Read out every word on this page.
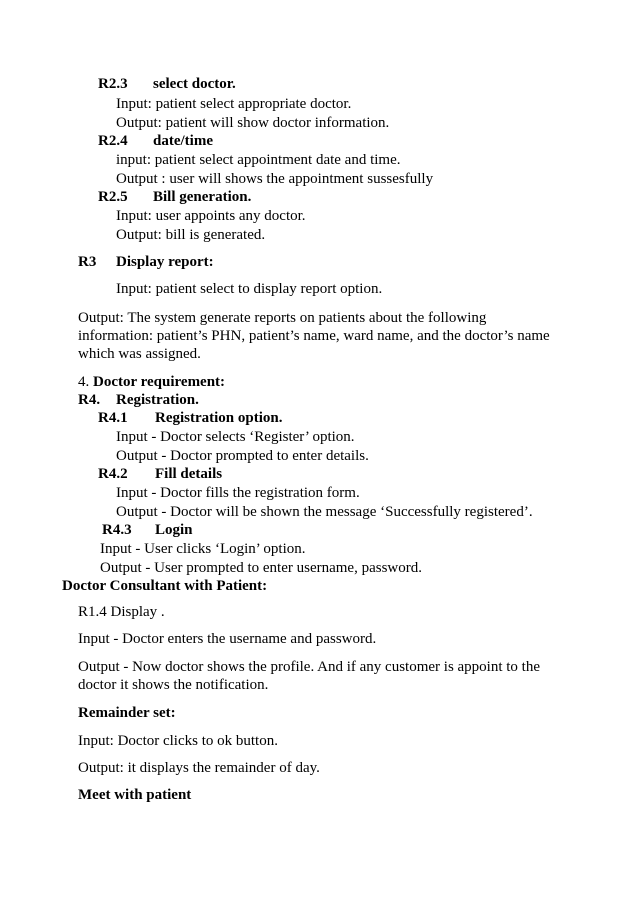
R2.3 select doctor.
Input: patient select appropriate doctor.
Output: patient will show doctor information.
R2.4 date/time
input: patient select appointment date and time.
Output : user will shows the appointment sussesfully
R2.5 Bill generation.
Input: user appoints any doctor.
Output: bill is generated.
R3 Display report:
Input: patient select to display report option.
Output: The system generate reports on patients about the following
information: patient’s PHN, patient’s name, ward name, and the doctor’s name
which was assigned.
4. Doctor requirement:
R4. Registration.
R4.1 Registration option.
Input - Doctor selects ‘Register’ option.
Output - Doctor prompted to enter details.
R4.2 Fill details
Input - Doctor fills the registration form.
Output - Doctor will be shown the message ‘Successfully registered’.
R4.3 Login
Input - User clicks ‘Login’ option.
Output - User prompted to enter username, password.
Doctor Consultant with Patient:
R1.4 Display .
Input - Doctor enters the username and password.
Output - Now doctor shows the profile. And if any customer is appoint to the
doctor it shows the notification.
Remainder set:
Input: Doctor clicks to ok button.
Output: it displays the remainder of day.
Meet with patient
